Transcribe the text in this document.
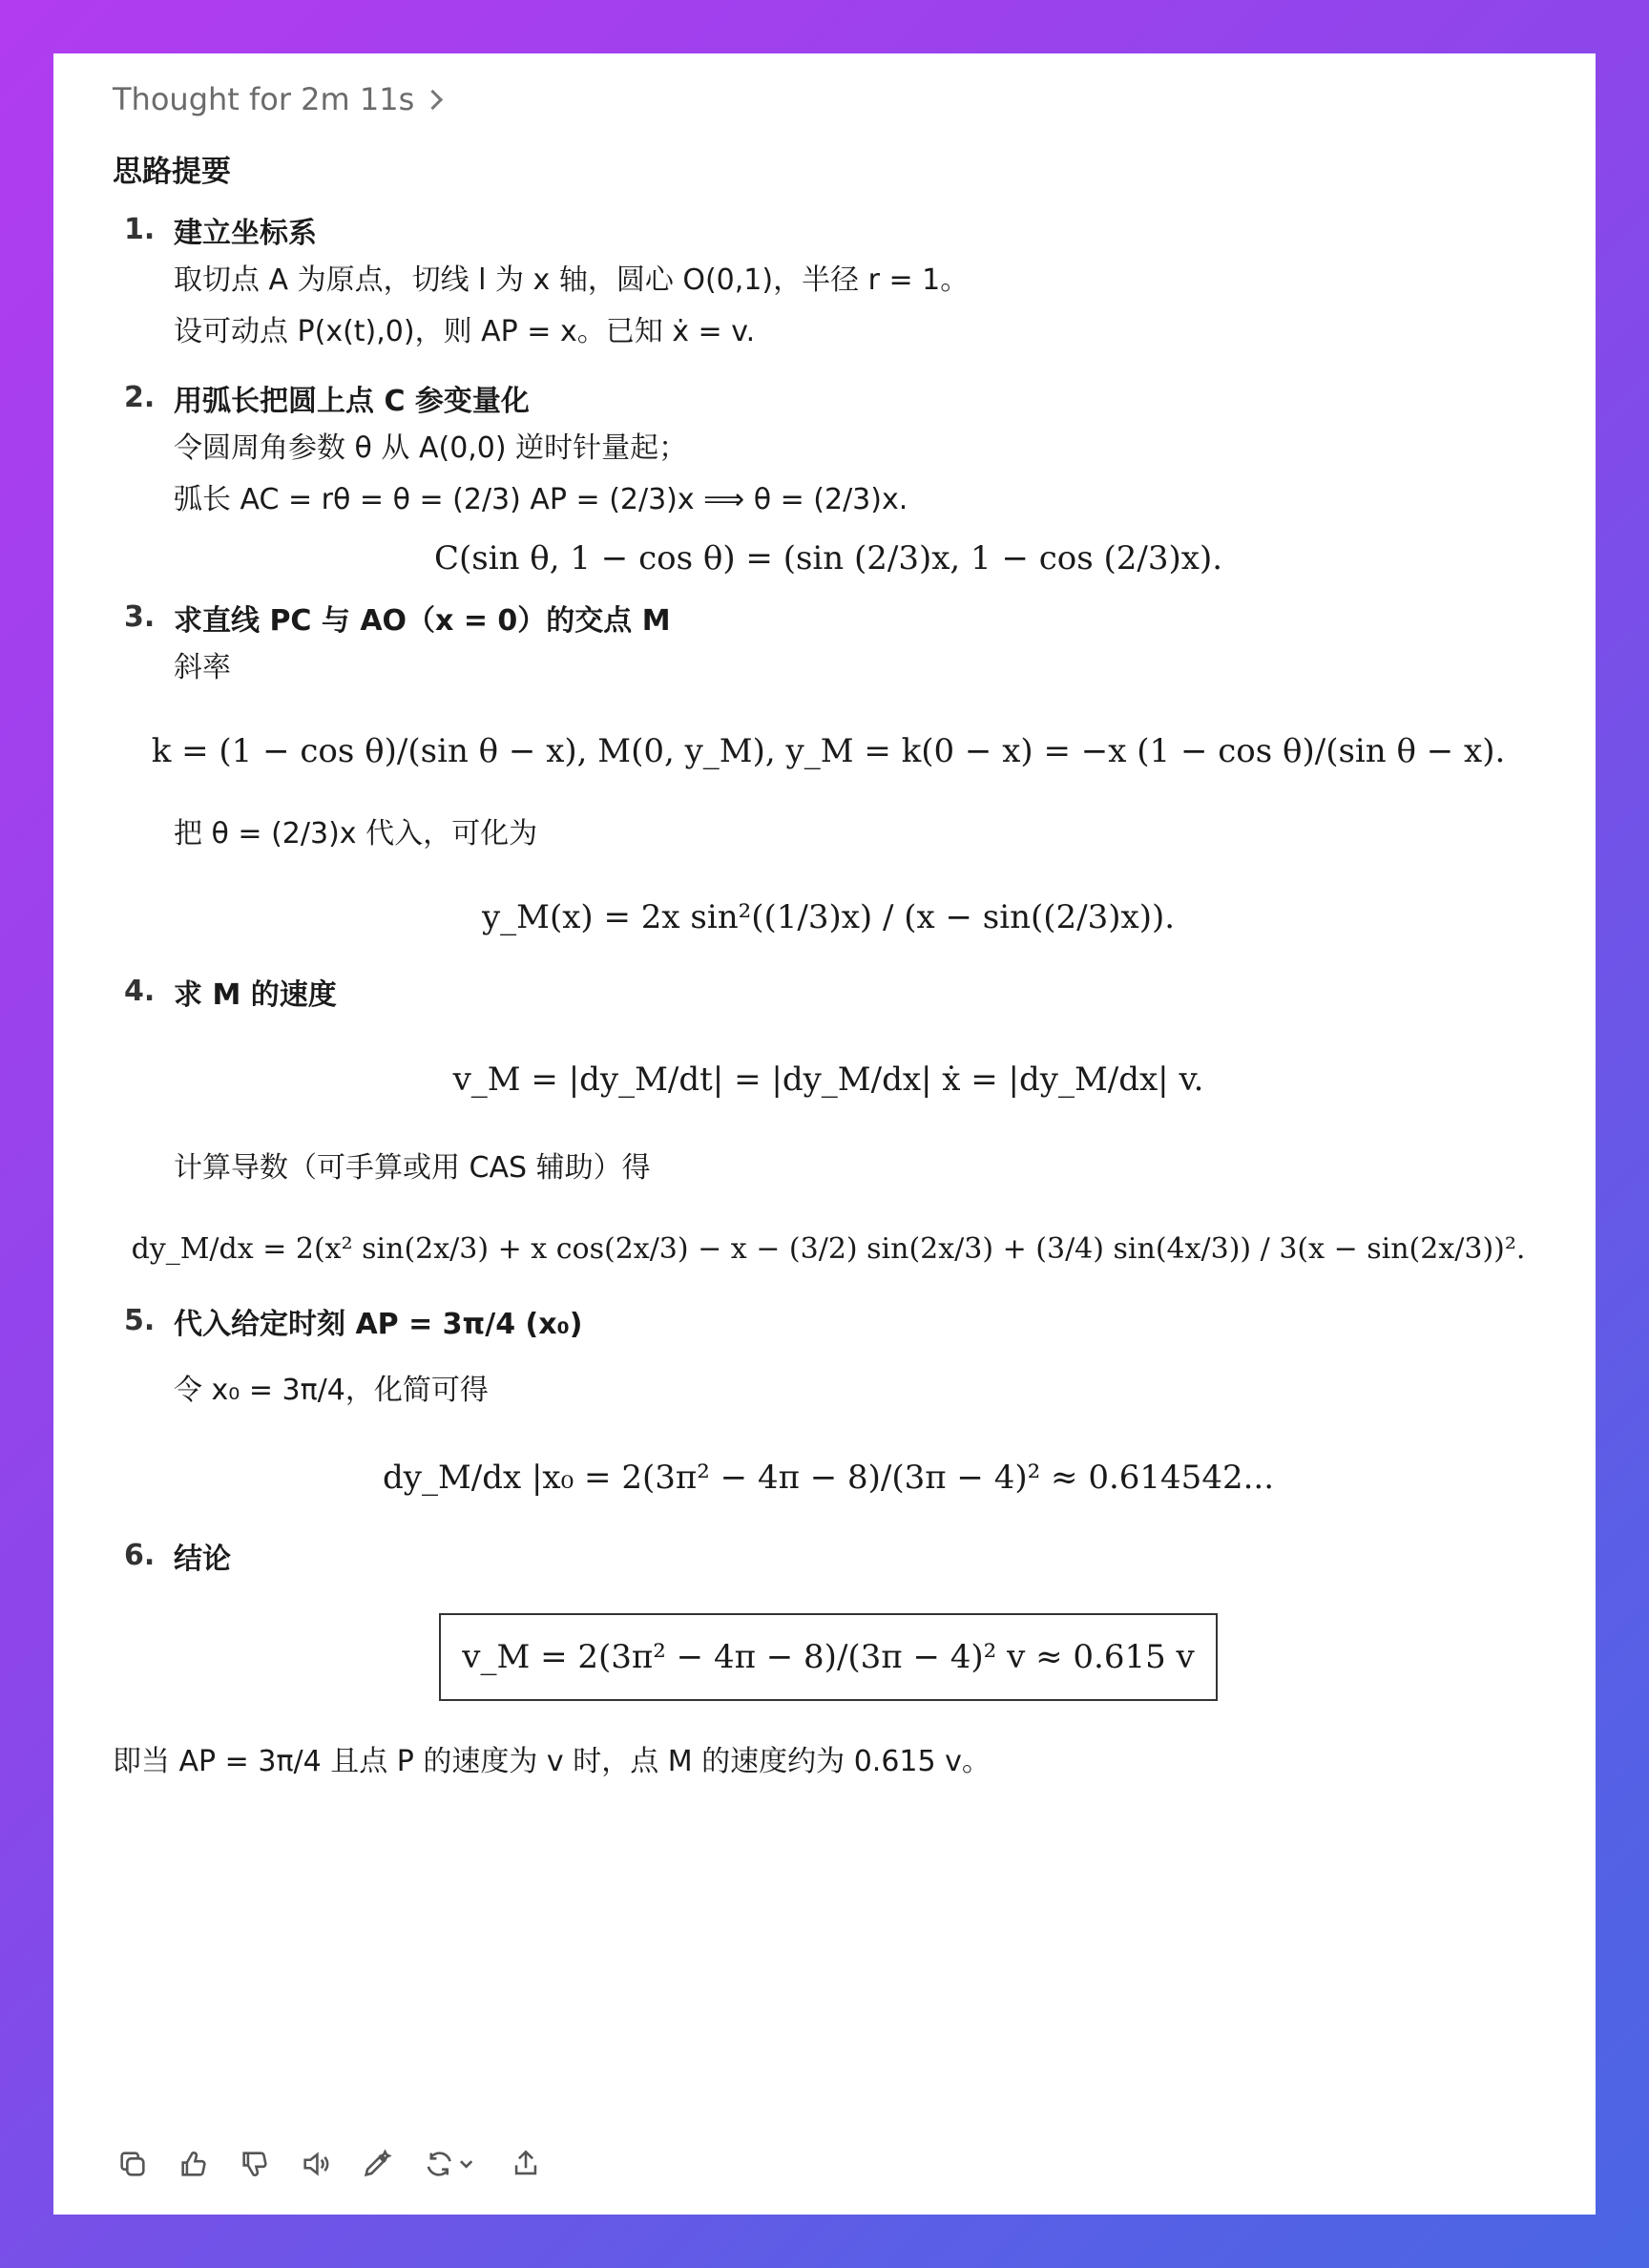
Thought for 2m 11s
思路提要
1. 建立坐标系
取切点 A 为原点，切线 l 为 x 轴，圆心 O(0,1)，半径 r = 1。
设可动点 P(x(t),0)，则 AP = x。已知 ẋ = v.
2. 用弧长把圆上点 C 参变量化
令圆周角参数 θ 从 A(0,0) 逆时针量起；
弧长 AC = rθ = θ = (2/3) AP = (2/3)x ⟹ θ = (2/3)x.
C(sin θ, 1 − cos θ) = (sin (2/3)x, 1 − cos (2/3)x).
3. 求直线 PC 与 AO（x = 0）的交点 M
斜率
k = (1 − cos θ)/(sin θ − x), M(0, y_M), y_M = k(0 − x) = −x (1 − cos θ)/(sin θ − x).
把 θ = (2/3)x 代入，可化为
y_M(x) = 2x sin²((1/3)x) / (x − sin((2/3)x)).
4. 求 M 的速度
v_M = |dy_M/dt| = |dy_M/dx| ẋ = |dy_M/dx| v.
计算导数（可手算或用 CAS 辅助）得
dy_M/dx = 2(x² sin(2x/3) + x cos(2x/3) − x − (3/2) sin(2x/3) + (3/4) sin(4x/3)) / 3(x − sin(2x/3))².
5. 代入给定时刻 AP = 3π/4 (x₀)
令 x₀ = 3π/4，化简可得
dy_M/dx |x₀ = 2(3π² − 4π − 8)/(3π − 4)² ≈ 0.614542...
6. 结论
v_M = 2(3π² − 4π − 8)/(3π − 4)² v ≈ 0.615 v
即当 AP = 3π/4 且点 P 的速度为 v 时，点 M 的速度约为 0.615 v。
知乎 @AI信息Gap
